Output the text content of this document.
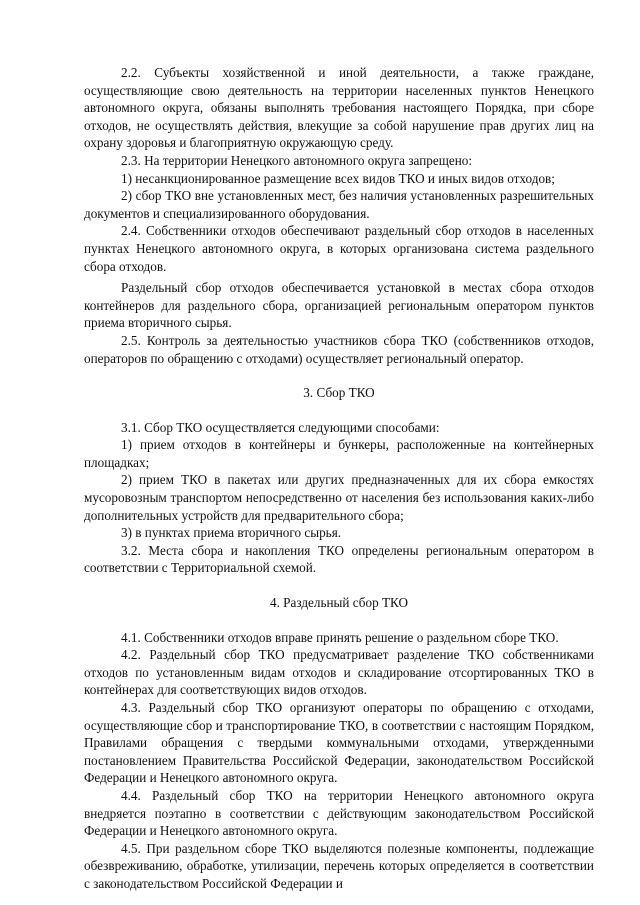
2.2. Субъекты хозяйственной и иной деятельности, а также граждане, осуществляющие свою деятельность на территории населенных пунктов Ненецкого автономного округа, обязаны выполнять требования настоящего Порядка, при сборе отходов, не осуществлять действия, влекущие за собой нарушение прав других лиц на охрану здоровья и благоприятную окружающую среду.

2.3. На территории Ненецкого автономного округа запрещено:

1) несанкционированное размещение всех видов ТКО и иных видов отходов;

2) сбор ТКО вне установленных мест, без наличия установленных разрешительных документов и специализированного оборудования.

2.4. Собственники отходов обеспечивают раздельный сбор отходов в населенных пунктах Ненецкого автономного округа, в которых организована система раздельного сбора отходов.

Раздельный сбор отходов обеспечивается установкой в местах сбора отходов контейнеров для раздельного сбора, организацией региональным оператором пунктов приема вторичного сырья.

2.5. Контроль за деятельностью участников сбора ТКО (собственников отходов, операторов по обращению с отходами) осуществляет региональный оператор.

3. Сбор ТКО

3.1. Сбор ТКО осуществляется следующими способами:

1) прием отходов в контейнеры и бункеры, расположенные на контейнерных площадках;

2) прием ТКО в пакетах или других предназначенных для их сбора емкостях мусоровозным транспортом непосредственно от населения без использования каких-либо дополнительных устройств для предварительного сбора;

3) в пунктах приема вторичного сырья.

3.2. Места сбора и накопления ТКО определены региональным оператором в соответствии с Территориальной схемой.

4. Раздельный сбор ТКО

4.1. Собственники отходов вправе принять решение о раздельном сборе ТКО.

4.2. Раздельный сбор ТКО предусматривает разделение ТКО собственниками отходов по установленным видам отходов и складирование отсортированных ТКО в контейнерах для соответствующих видов отходов.

4.3. Раздельный сбор ТКО организуют операторы по обращению с отходами, осуществляющие сбор и транспортирование ТКО, в соответствии с настоящим Порядком, Правилами обращения с твердыми коммунальными отходами, утвержденными постановлением Правительства Российской Федерации, законодательством Российской Федерации и Ненецкого автономного округа.

4.4. Раздельный сбор ТКО на территории Ненецкого автономного округа внедряется поэтапно в соответствии с действующим законодательством Российской Федерации и Ненецкого автономного округа.

4.5. При раздельном сборе ТКО выделяются полезные компоненты, подлежащие обезвреживанию, обработке, утилизации, перечень которых определяется в соответствии с законодательством Российской Федерации и
